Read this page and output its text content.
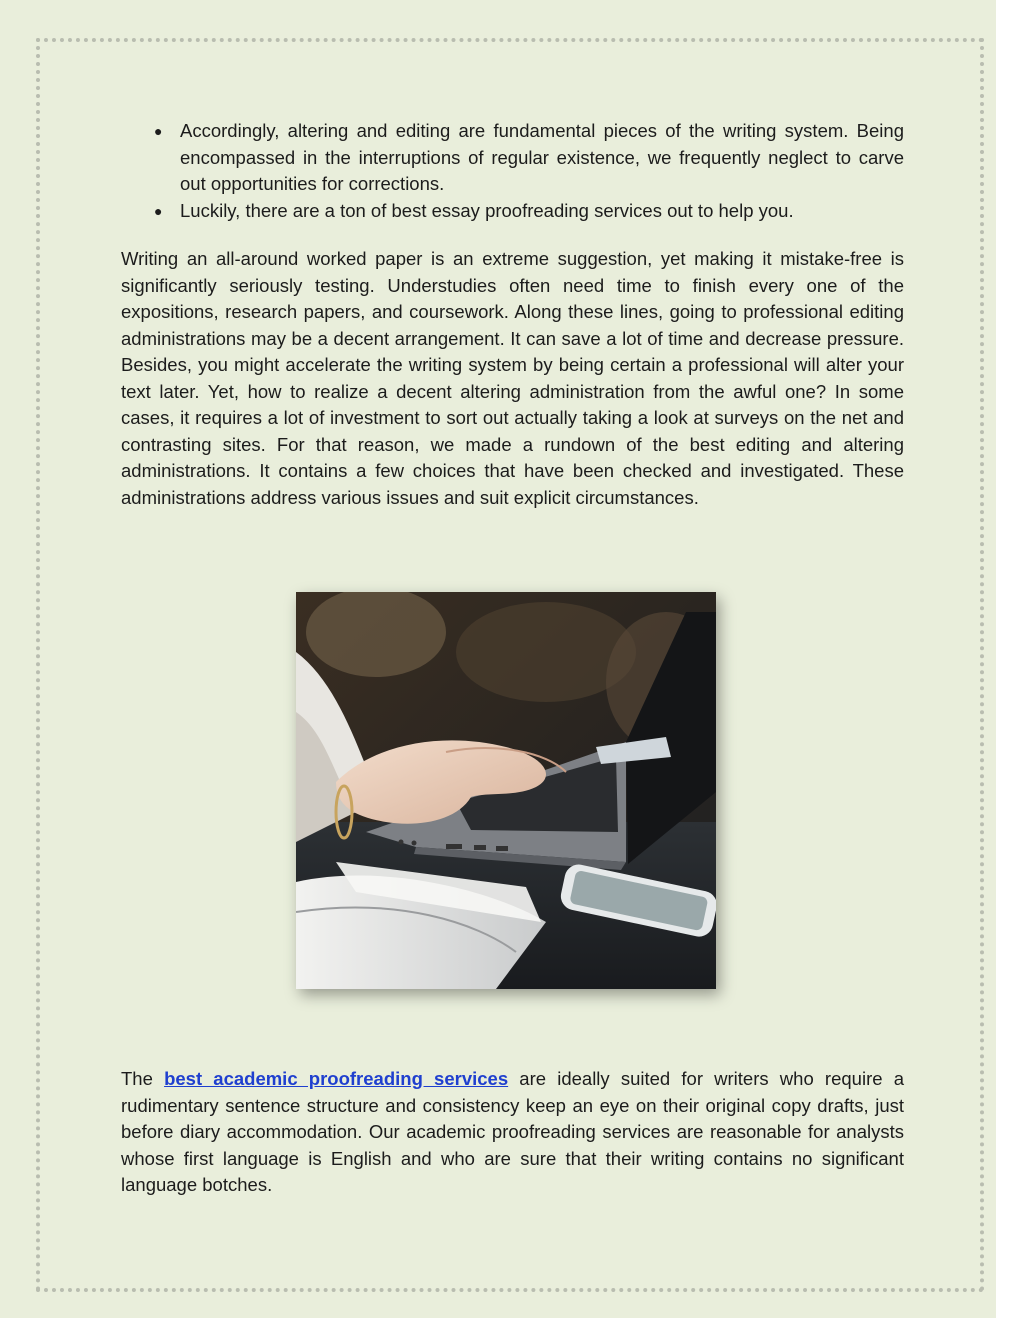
● Accordingly, altering and editing are fundamental pieces of the writing system. Being encompassed in the interruptions of regular existence, we frequently neglect to carve out opportunities for corrections.
● Luckily, there are a ton of best essay proofreading services out to help you.

Writing an all-around worked paper is an extreme suggestion, yet making it mistake-free is significantly seriously testing. Understudies often need time to finish every one of the expositions, research papers, and coursework. Along these lines, going to professional editing administrations may be a decent arrangement. It can save a lot of time and decrease pressure. Besides, you might accelerate the writing system by being certain a professional will alter your text later. Yet, how to realize a decent altering administration from the awful one? In some cases, it requires a lot of investment to sort out actually taking a look at surveys on the net and contrasting sites. For that reason, we made a rundown of the best editing and altering administrations. It contains a few choices that have been checked and investigated. These administrations address various issues and suit explicit circumstances.

The best academic proofreading services are ideally suited for writers who require a rudimentary sentence structure and consistency keep an eye on their original copy drafts, just before diary accommodation. Our academic proofreading services are reasonable for analysts whose first language is English and who are sure that their writing contains no significant language botches.
